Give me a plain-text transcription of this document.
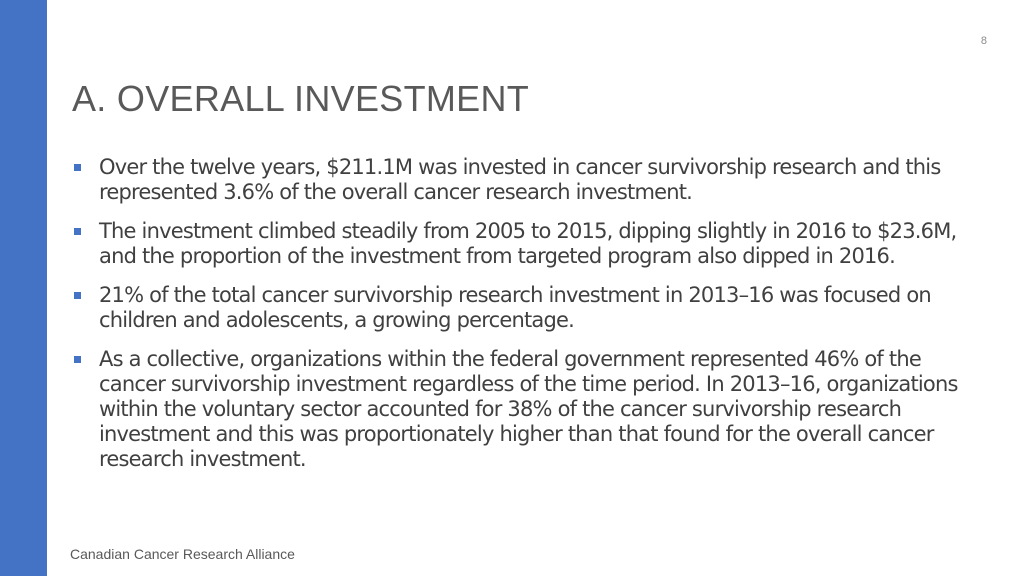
8
A. OVERALL INVESTMENT
Over the twelve years, $211.1M was invested in cancer survivorship research and this represented 3.6% of the overall cancer research investment.
The investment climbed steadily from 2005 to 2015, dipping slightly in 2016 to $23.6M, and the proportion of the investment from targeted program also dipped in 2016.
21% of the total cancer survivorship research investment in 2013–16 was focused on children and adolescents, a growing percentage.
As a collective, organizations within the federal government represented 46% of the cancer survivorship investment regardless of the time period. In 2013–16, organizations within the voluntary sector accounted for 38% of the cancer survivorship research investment and this was proportionately higher than that found for the overall cancer research investment.
Canadian Cancer Research Alliance
